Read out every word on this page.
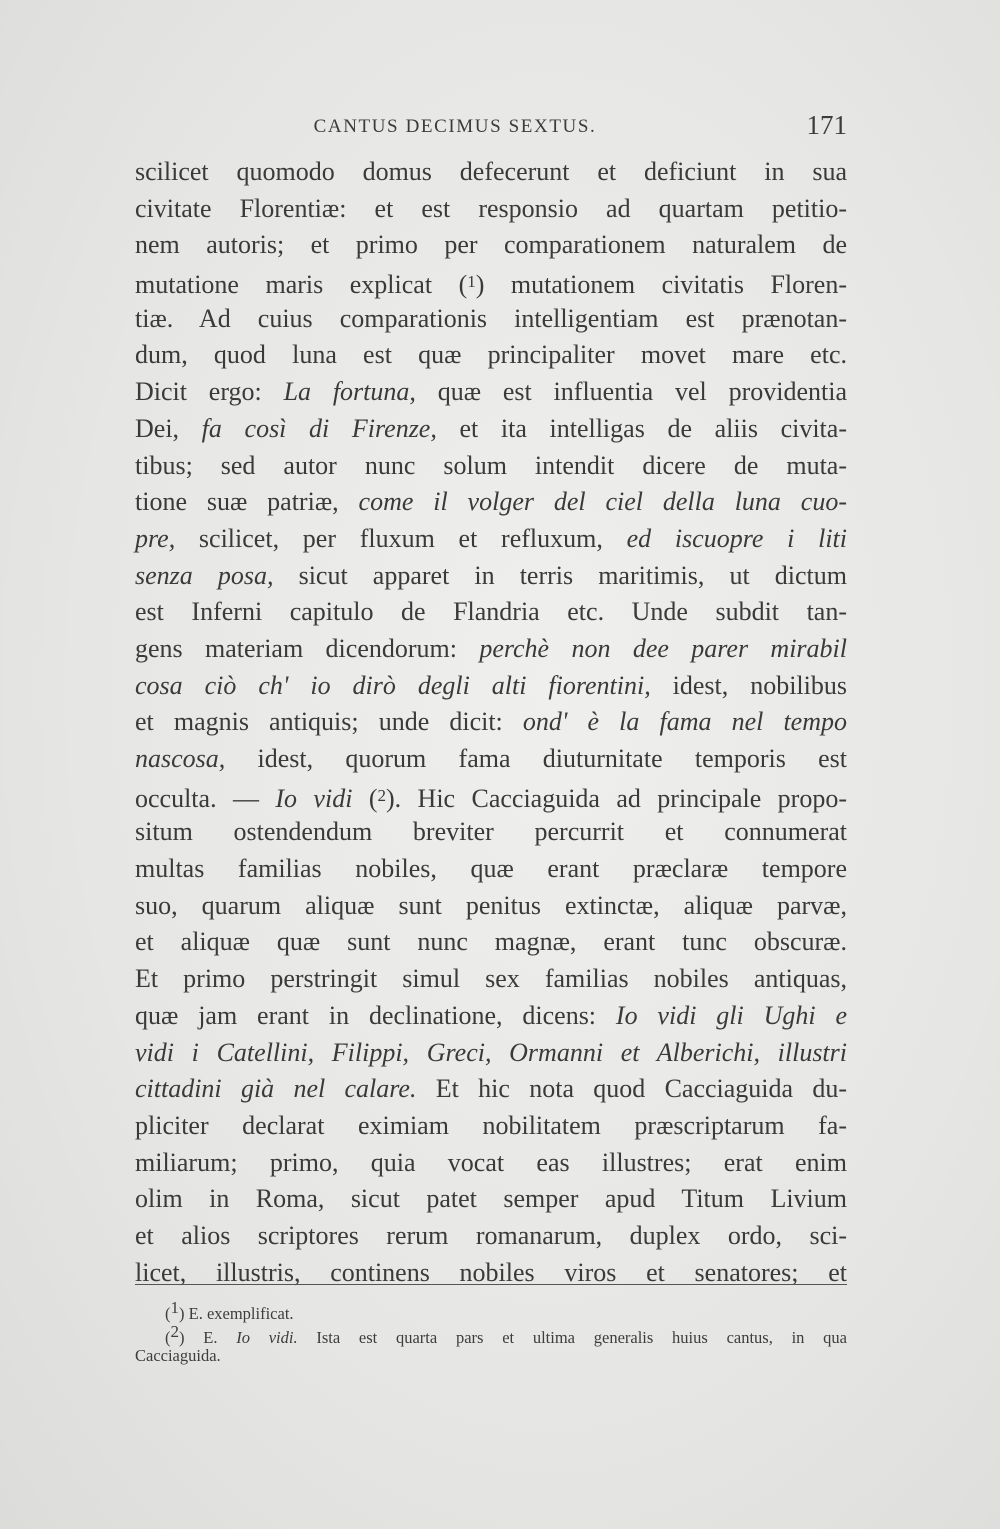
CANTUS DECIMUS SEXTUS.	171
scilicet quomodo domus defecerunt et deficiunt in sua
civitate Florentiæ: et est responsio ad quartam petitio-
nem autoris; et primo per comparationem naturalem de
mutatione maris explicat ($^1$) mutationem civitatis Floren-
tiæ. Ad cuius comparationis intelligentiam est prænotan-
dum, quod luna est quæ principaliter movet mare etc.
Dicit ergo: La fortuna, quæ est influentia vel providentia
Dei, fa così di Firenze, et ita intelligas de aliis civita-
tibus; sed autor nunc solum intendit dicere de muta-
tione suæ patriæ, come il volger del ciel della luna cuo-
pre, scilicet, per fluxum et refluxum, ed iscuopre i liti
senza posa, sicut apparet in terris maritimis, ut dictum
est Inferni capitulo de Flandria etc. Unde subdit tan-
gens materiam dicendorum: perchè non dee parer mirabil
cosa ciò ch' io dirò degli alti fiorentini, idest, nobilibus
et magnis antiquis; unde dicit: ond' è la fama nel tempo
nascosa, idest, quorum fama diuturnitate temporis est
occulta. — Io vidi ($^2$). Hic Cacciaguida ad principale propo-
situm ostendendum breviter percurrit et connumerat
multas familias nobiles, quæ erant præclaræ tempore
suo, quarum aliquæ sunt penitus extinctæ, aliquæ parvæ,
et aliquæ quæ sunt nunc magnæ, erant tunc obscuræ.
Et primo perstringit simul sex familias nobiles antiquas,
quæ jam erant in declinatione, dicens: Io vidi gli Ughi e
vidi i Catellini, Filippi, Greci, Ormanni et Alberichi, illustri
cittadini già nel calare. Et hic nota quod Cacciaguida du-
pliciter declarat eximiam nobilitatem præscriptarum fa-
miliarum; primo, quia vocat eas illustres; erat enim
olim in Roma, sicut patet semper apud Titum Livium
et alios scriptores rerum romanarum, duplex ordo, sci-
licet, illustris, continens nobiles viros et senatores; et
(1) E. exemplificat.
(2) E. Io vidi. Ista est quarta pars et ultima generalis huius cantus, in qua
Cacciaguida.
